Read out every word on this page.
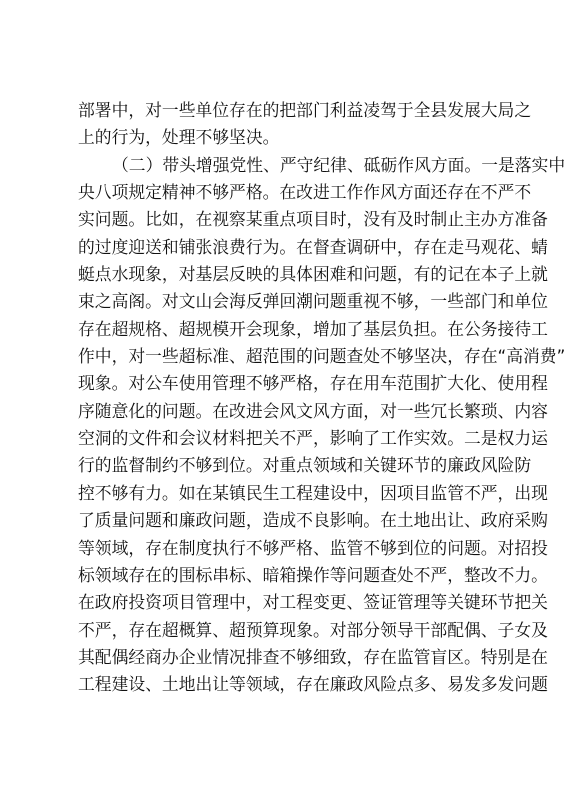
部署中，对一些单位存在的把部门利益凌驾于全县发展大局之
上的行为，处理不够坚决。
（二）带头增强党性、严守纪律、砥砺作风方面。一是落实中
央八项规定精神不够严格。在改进工作作风方面还存在不严不
实问题。比如，在视察某重点项目时，没有及时制止主办方准备
的过度迎送和铺张浪费行为。在督查调研中，存在走马观花、蜻
蜓点水现象，对基层反映的具体困难和问题，有的记在本子上就
束之高阁。对文山会海反弹回潮问题重视不够，一些部门和单位
存在超规格、超规模开会现象，增加了基层负担。在公务接待工
作中，对一些超标准、超范围的问题查处不够坚决，存在“高消费”
现象。对公车使用管理不够严格，存在用车范围扩大化、使用程
序随意化的问题。在改进会风文风方面，对一些冗长繁琐、内容
空洞的文件和会议材料把关不严，影响了工作实效。二是权力运
行的监督制约不够到位。对重点领域和关键环节的廉政风险防
控不够有力。如在某镇民生工程建设中，因项目监管不严，出现
了质量问题和廉政问题，造成不良影响。在土地出让、政府采购
等领域，存在制度执行不够严格、监管不够到位的问题。对招投
标领域存在的围标串标、暗箱操作等问题查处不严，整改不力。
在政府投资项目管理中，对工程变更、签证管理等关键环节把关
不严，存在超概算、超预算现象。对部分领导干部配偶、子女及
其配偶经商办企业情况排查不够细致，存在监管盲区。特别是在
工程建设、土地出让等领域，存在廉政风险点多、易发多发问题
